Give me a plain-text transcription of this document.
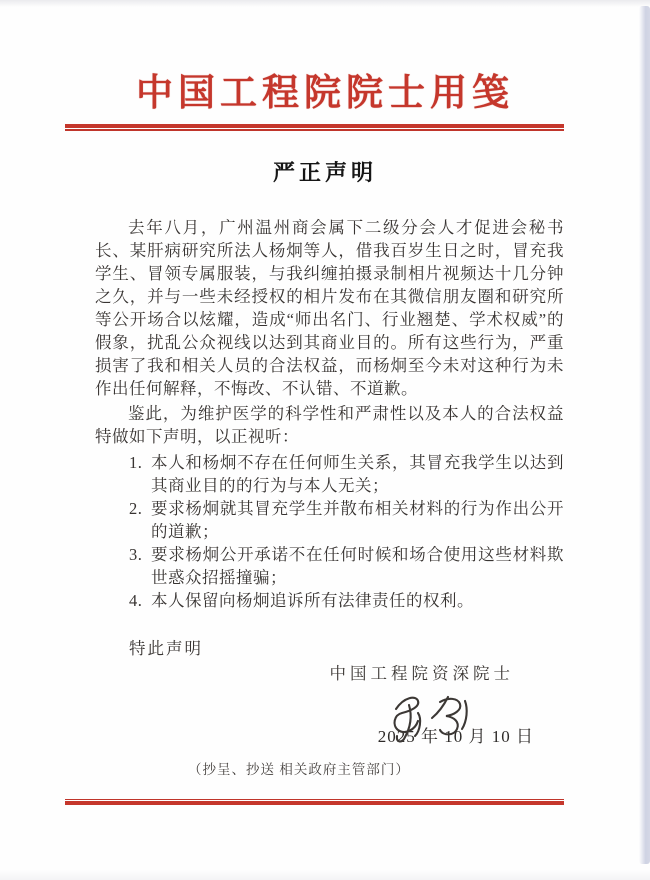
中国工程院院士用笺
严正声明

去年八月，广州温州商会属下二级分会人才促进会秘书长、某肝病研究所法人杨炯等人，借我百岁生日之时，冒充我学生、冒领专属服装，与我纠缠拍摄录制相片视频达十几分钟之久，并与一些未经授权的相片发布在其微信朋友圈和研究所等公开场合以炫耀，造成“师出名门、行业翘楚、学术权威”的假象，扰乱公众视线以达到其商业目的。所有这些行为，严重损害了我和相关人员的合法权益，而杨炯至今未对这种行为未作出任何解释，不悔改、不认错、不道歉。

鉴此，为维护医学的科学性和严肃性以及本人的合法权益特做如下声明，以正视听：

1. 本人和杨炯不存在任何师生关系，其冒充我学生以达到其商业目的的行为与本人无关；
2. 要求杨炯就其冒充学生并散布相关材料的行为作出公开的道歉；
3. 要求杨炯公开承诺不在任何时候和场合使用这些材料欺世惑众招摇撞骗；
4. 本人保留向杨炯追诉所有法律责任的权利。
特此声明
中国工程院资深院士
2025 年 10 月 10 日
（抄呈、抄送 相关政府主管部门）
